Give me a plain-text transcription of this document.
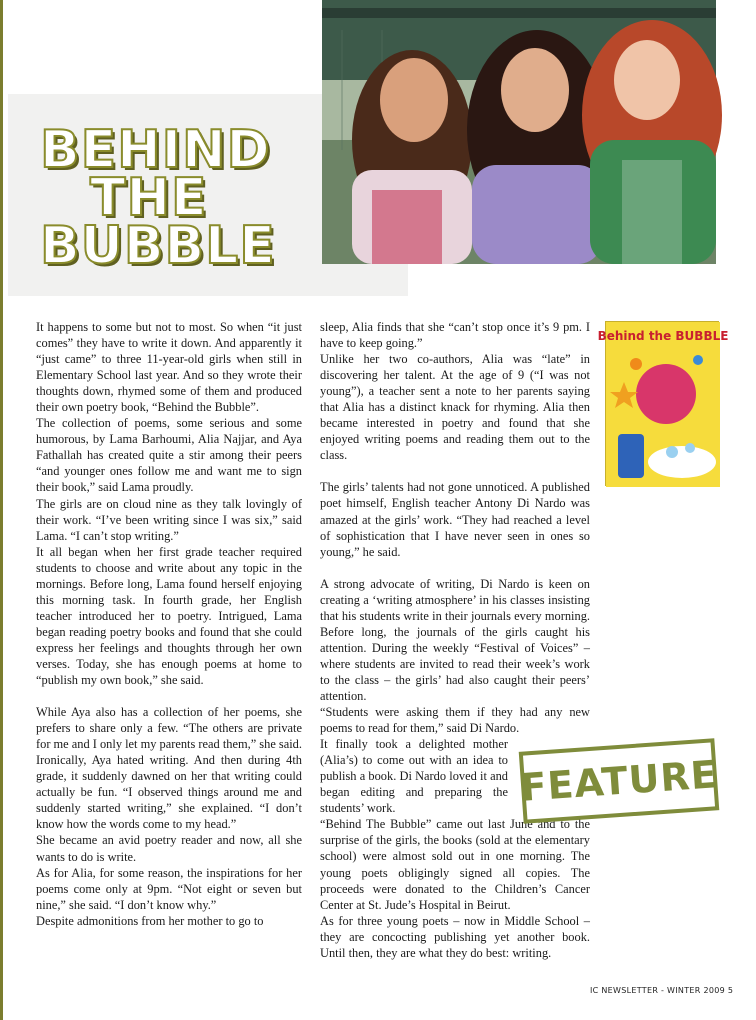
BEHIND
THE
BUBBLE

It happens to some but not to most. So when “it just comes” they have to write it down. And apparently it “just came” to three 11-year-old girls when still in Elementary School last year. And so they wrote their thoughts down, rhymed some of them and produced their own poetry book, “Behind the Bubble”.

The collection of poems, some serious and some humorous, by Lama Barhoumi, Alia Najjar, and Aya Fathallah has created quite a stir among their peers “and younger ones follow me and want me to sign their book,” said Lama proudly.

The girls are on cloud nine as they talk lovingly of their work. “I’ve been writing since I was six,” said Lama. “I can’t stop writing.”

It all began when her first grade teacher required students to choose and write about any topic in the mornings. Before long, Lama found herself enjoying this morning task. In fourth grade, her English teacher introduced her to poetry. Intrigued, Lama began reading poetry books and found that she could express her feelings and thoughts through her own verses. Today, she has enough poems at home to “publish my own book,” she said.

While Aya also has a collection of her poems, she prefers to share only a few. “The others are private for me and I only let my parents read them,” she said.

Ironically, Aya hated writing. And then during 4th grade, it suddenly dawned on her that writing could actually be fun. “I observed things around me and suddenly started writing,” she explained. “I don’t know how the words come to my head.”

She became an avid poetry reader and now, all she wants to do is write.

As for Alia, for some reason, the inspirations for her poems come only at 9pm. “Not eight or seven but nine,” she said. “I don’t know why.”

Despite admonitions from her mother to go to

Behind the BUBBLE

sleep, Alia finds that she “can’t stop once it’s 9 pm. I have to keep going.”

Unlike her two co-authors, Alia was “late” in discovering her talent. At the age of 9 (“I was not young”), a teacher sent a note to her parents saying that Alia has a distinct knack for rhyming. Alia then became interested in poetry and found that she enjoyed writing poems and reading them out to the class.

The girls’ talents had not gone unnoticed. A published poet himself, English teacher Antony Di Nardo was amazed at the girls’ work. “They had reached a level of sophistication that I have never seen in ones so young,” he said.

A strong advocate of writing, Di Nardo is keen on creating a ‘writing atmosphere’ in his classes insisting that his students write in their journals every morning. Before long, the journals of the girls caught his attention. During the weekly “Festival of Voices” – where students are invited to read their week’s work to the class – the girls’ had also caught their peers’ attention.

“Students were asking them if they had any new poems to read for them,” said Di Nardo.

It finally took a delighted mother (Alia’s) to come out with an idea to publish a book. Di Nardo loved it and began editing and preparing the students’ work.

“Behind The Bubble” came out last June and to the surprise of the girls, the books (sold at the elementary school) were almost sold out in one morning. The young poets obligingly signed all copies. The proceeds were donated to the Children’s Cancer Center at St. Jude’s Hospital in Beirut.

As for three young poets – now in Middle School – they are concocting publishing yet another book. Until then, they are what they do best: writing.

FEATURE
IC NEWSLETTER - WINTER 2009 5
